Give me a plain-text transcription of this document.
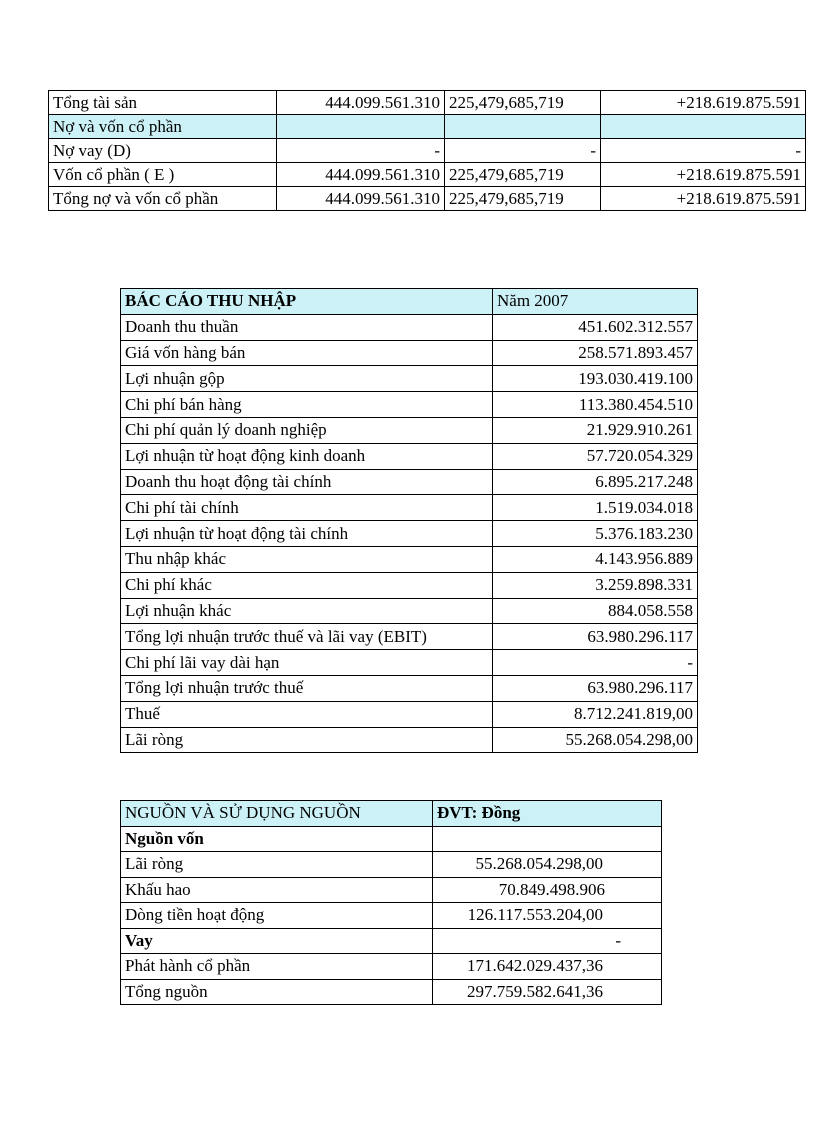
Tổng tài sản	444.099.561.310	225,479,685,719	+218.619.875.591
Nợ và vốn cổ phần			
Nợ vay (D)	-	-	-
Vốn cổ phần ( E )	444.099.561.310	225,479,685,719	+218.619.875.591
Tổng nợ và vốn cổ phần	444.099.561.310	225,479,685,719	+218.619.875.591
BÁC CÁO THU NHẬP	Năm 2007
Doanh thu thuần	451.602.312.557
Giá vốn hàng bán	258.571.893.457
Lợi nhuận gộp	193.030.419.100
Chi phí bán hàng	113.380.454.510
Chi phí quản lý doanh nghiệp	21.929.910.261
Lợi nhuận từ hoạt động kinh doanh	57.720.054.329
Doanh thu hoạt động tài chính	6.895.217.248
Chi phí tài chính	1.519.034.018
Lợi nhuận từ hoạt động tài chính	5.376.183.230
Thu nhập khác	4.143.956.889
Chi phí khác	3.259.898.331
Lợi nhuận khác	884.058.558
Tổng lợi nhuận trước thuế và lãi vay (EBIT)	63.980.296.117
Chi phí lãi vay dài hạn	-
Tổng lợi nhuận trước thuế	63.980.296.117
Thuế	8.712.241.819,00
Lãi ròng	55.268.054.298,00
NGUỒN VÀ SỬ DỤNG NGUỒN	ĐVT: Đồng
Nguồn vốn	
Lãi ròng	55.268.054.298,00
Khấu hao	70.849.498.906
Dòng tiền hoạt động	126.117.553.204,00
Vay	-
Phát hành cổ phần	171.642.029.437,36
Tổng nguồn	297.759.582.641,36
